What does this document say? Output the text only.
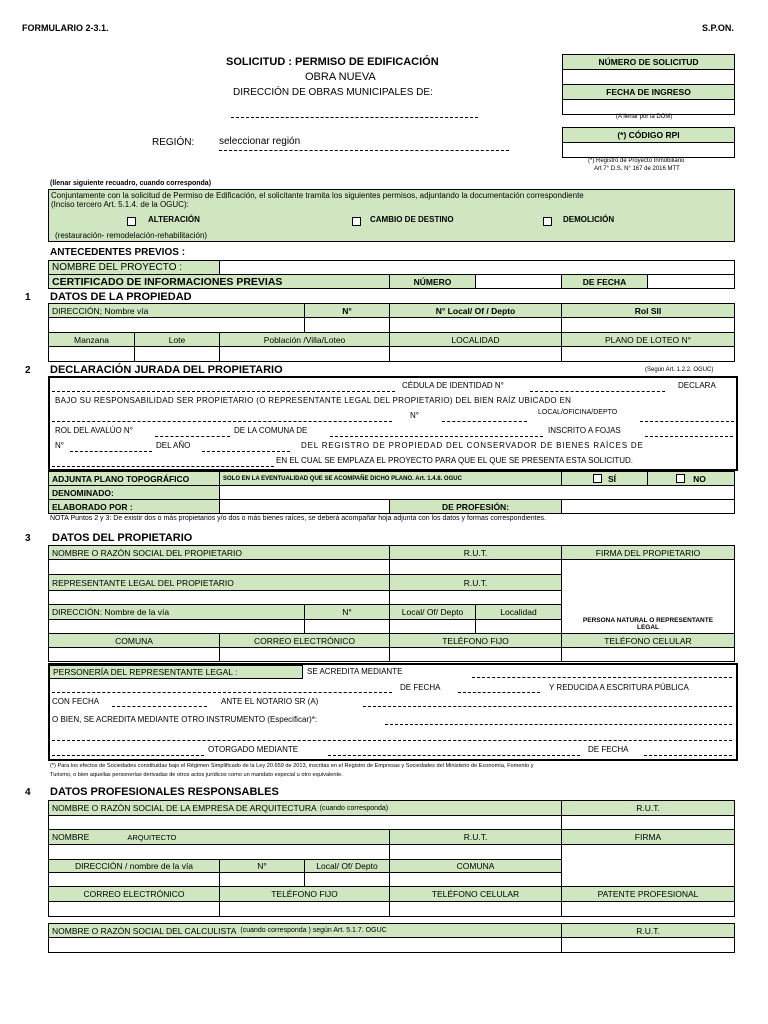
FORMULARIO 2-3.1.	S.P.ON.
SOLICITUD : PERMISO DE EDIFICACIÓN
OBRA NUEVA
DIRECCIÓN DE OBRAS MUNICIPALES DE:
REGIÓN: seleccionar región
NÚMERO DE SOLICITUD
FECHA DE INGRESO
(A llenar por la DOM)
(*) CÓDIGO RPI
(*) Registro de Proyecto Inmobiliario
Art 7° D.S. N° 167 de 2016 MTT
(llenar siguiente recuadro, cuando corresponda)
Conjuntamente con la solicitud de Permiso de Edificación, el solicitante tramita los siguientes permisos, adjuntando la documentación correspondiente
(Inciso tercero Art. 5.1.4. de la OGUC):
ALTERACIÓN	CAMBIO DE DESTINO	DEMOLICIÓN
(restauración- remodelación-rehabilitación)
ANTECEDENTES PREVIOS :
NOMBRE DEL PROYECTO :
CERTIFICADO DE INFORMACIONES PREVIAS	NÚMERO	DE FECHA
1 DATOS DE LA PROPIEDAD
DIRECCIÓN; Nombre vía	N°	N° Local/ Of / Depto	Rol SII
Manzana	Lote	Población /Villa/Loteo	LOCALIDAD	PLANO DE LOTEO N°
2 DECLARACIÓN JURADA DEL PROPIETARIO	(Según Art. 1.2.2. OGUC)
CÉDULA DE IDENTIDAD N°	DECLARA
BAJO SU RESPONSABILIDAD SER PROPIETARIO (O REPRESENTANTE LEGAL DEL PROPIETARIO) DEL BIEN RAÍZ UBICADO EN
N°	LOCAL/OFICINA/DEPTO
ROL DEL AVALÚO N°	DE LA COMUNA DE	INSCRITO A FOJAS
N°	DEL AÑO	DEL REGISTRO DE PROPIEDAD DEL CONSERVADOR DE BIENES RAÍCES DE
EN EL CUAL SE EMPLAZA EL PROYECTO PARA QUE EL QUE SE PRESENTA ESTA SOLICITUD.
ADJUNTA PLANO TOPOGRÁFICO	SOLO EN LA EVENTUALIDAD QUE SE ACOMPAÑE DICHO PLANO. Art. 1.4.8. OGUC	SÍ	NO
DENOMINADO:
ELABORADO POR :	DE PROFESIÓN:
NOTA Puntos 2 y 3: De existir dos o más propietarios y/o dos o más bienes raíces, se deberá acompañar hoja adjunta con los datos y formas correspondientes.
3 DATOS DEL PROPIETARIO
NOMBRE O RAZÓN SOCIAL DEL PROPIETARIO	R.U.T.	FIRMA DEL PROPIETARIO
PERSONA NATURAL O REPRESENTANTE
LEGAL
REPRESENTANTE LEGAL DEL PROPIETARIO	R.U.T.
DIRECCIÓN: Nombre de la vía	N°	Local/ Of/ Depto	Localidad
COMUNA	CORREO ELECTRÓNICO	TELÉFONO FIJO	TELÉFONO CELULAR
PERSONERÍA DEL REPRESENTANTE LEGAL :	SE ACREDITA MEDIANTE
DE FECHA	Y REDUCIDA A ESCRITURA PÚBLICA
CON FECHA	ANTE EL NOTARIO SR (A)
O BIEN, SE ACREDITA MEDIANTE OTRO INSTRUMENTO (Especificar)*:
OTORGADO MEDIANTE	DE FECHA
(*) Para los efectos de Sociedades constituidas bajo el Régimen Simplificado de la Ley 20.659 de 2013, inscritas en el Registro de Empresas y Sociedades del Ministerio de Economía, Fomento y
Turismo, o bien aquellas personerías derivadas de otros actos jurídicos como un mandato especial u otro equivalente.
4 DATOS PROFESIONALES RESPONSABLES
NOMBRE O RAZÓN SOCIAL DE LA EMPRESA DE ARQUITECTURA (cuando corresponda)	R.U.T.
NOMBRE	ARQUITECTO	R.U.T.	FIRMA
DIRECCIÓN / nombre de la vía	N°	Local/ Of/ Depto	COMUNA
CORREO ELECTRÓNICO	TELÉFONO FIJO	TELÉFONO CELULAR	PATENTE PROFESIONAL
NOMBRE O RAZÓN SOCIAL DEL CALCULISTA (cuando corresponda ) según Art. 5.1.7. OGUC	R.U.T.
